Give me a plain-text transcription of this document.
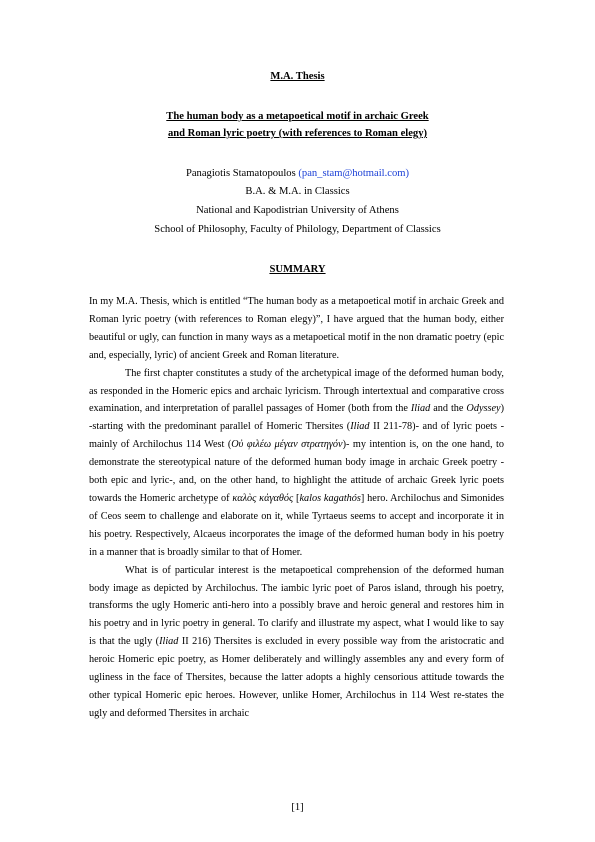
M.A. Thesis
The human body as a metapoetical motif in archaic Greek
and Roman lyric poetry (with references to Roman elegy)
Panagiotis Stamatopoulos (pan_stam@hotmail.com)
B.A. & M.A. in Classics
National and Kapodistrian University of Athens
School of Philosophy, Faculty of Philology, Department of Classics
SUMMARY

In my M.A. Thesis, which is entitled “The human body as a metapoetical motif in archaic Greek and Roman lyric poetry (with references to Roman elegy)”, I have argued that the human body, either beautiful or ugly, can function in many ways as a metapoetical motif in the non dramatic poetry (epic and, especially, lyric) of ancient Greek and Roman literature.

The first chapter constitutes a study of the archetypical image of the deformed human body, as responded in the Homeric epics and archaic lyricism. Through intertextual and comparative cross examination, and interpretation of parallel passages of Homer (both from the Iliad and the Odyssey) -starting with the predominant parallel of Homeric Thersites (Iliad II 211-78)- and of lyric poets -mainly of Archilochus 114 West (Οὐ φιλέω μέγαν στρατηγόν)- my intention is, on the one hand, to demonstrate the stereotypical nature of the deformed human body image in archaic Greek poetry -both epic and lyric-, and, on the other hand, to highlight the attitude of archaic Greek lyric poets towards the Homeric archetype of καλὸς κἀγαθός [kalos kagathós] hero. Archilochus and Simonides of Ceos seem to challenge and elaborate on it, while Tyrtaeus seems to accept and incorporate it in his poetry. Respectively, Alcaeus incorporates the image of the deformed human body in his poetry in a manner that is broadly similar to that of Homer.

What is of particular interest is the metapoetical comprehension of the deformed human body image as depicted by Archilochus. The iambic lyric poet of Paros island, through his poetry, transforms the ugly Homeric anti-hero into a possibly brave and heroic general and restores him in his poetry and in lyric poetry in general. To clarify and illustrate my aspect, what I would like to say is that the ugly (Iliad II 216) Thersites is excluded in every possible way from the aristocratic and heroic Homeric epic poetry, as Homer deliberately and willingly assembles any and every form of ugliness in the face of Thersites, because the latter adopts a highly censorious attitude towards the other typical Homeric epic heroes. However, unlike Homer, Archilochus in 114 West re-states the ugly and deformed Thersites in archaic

[1]
